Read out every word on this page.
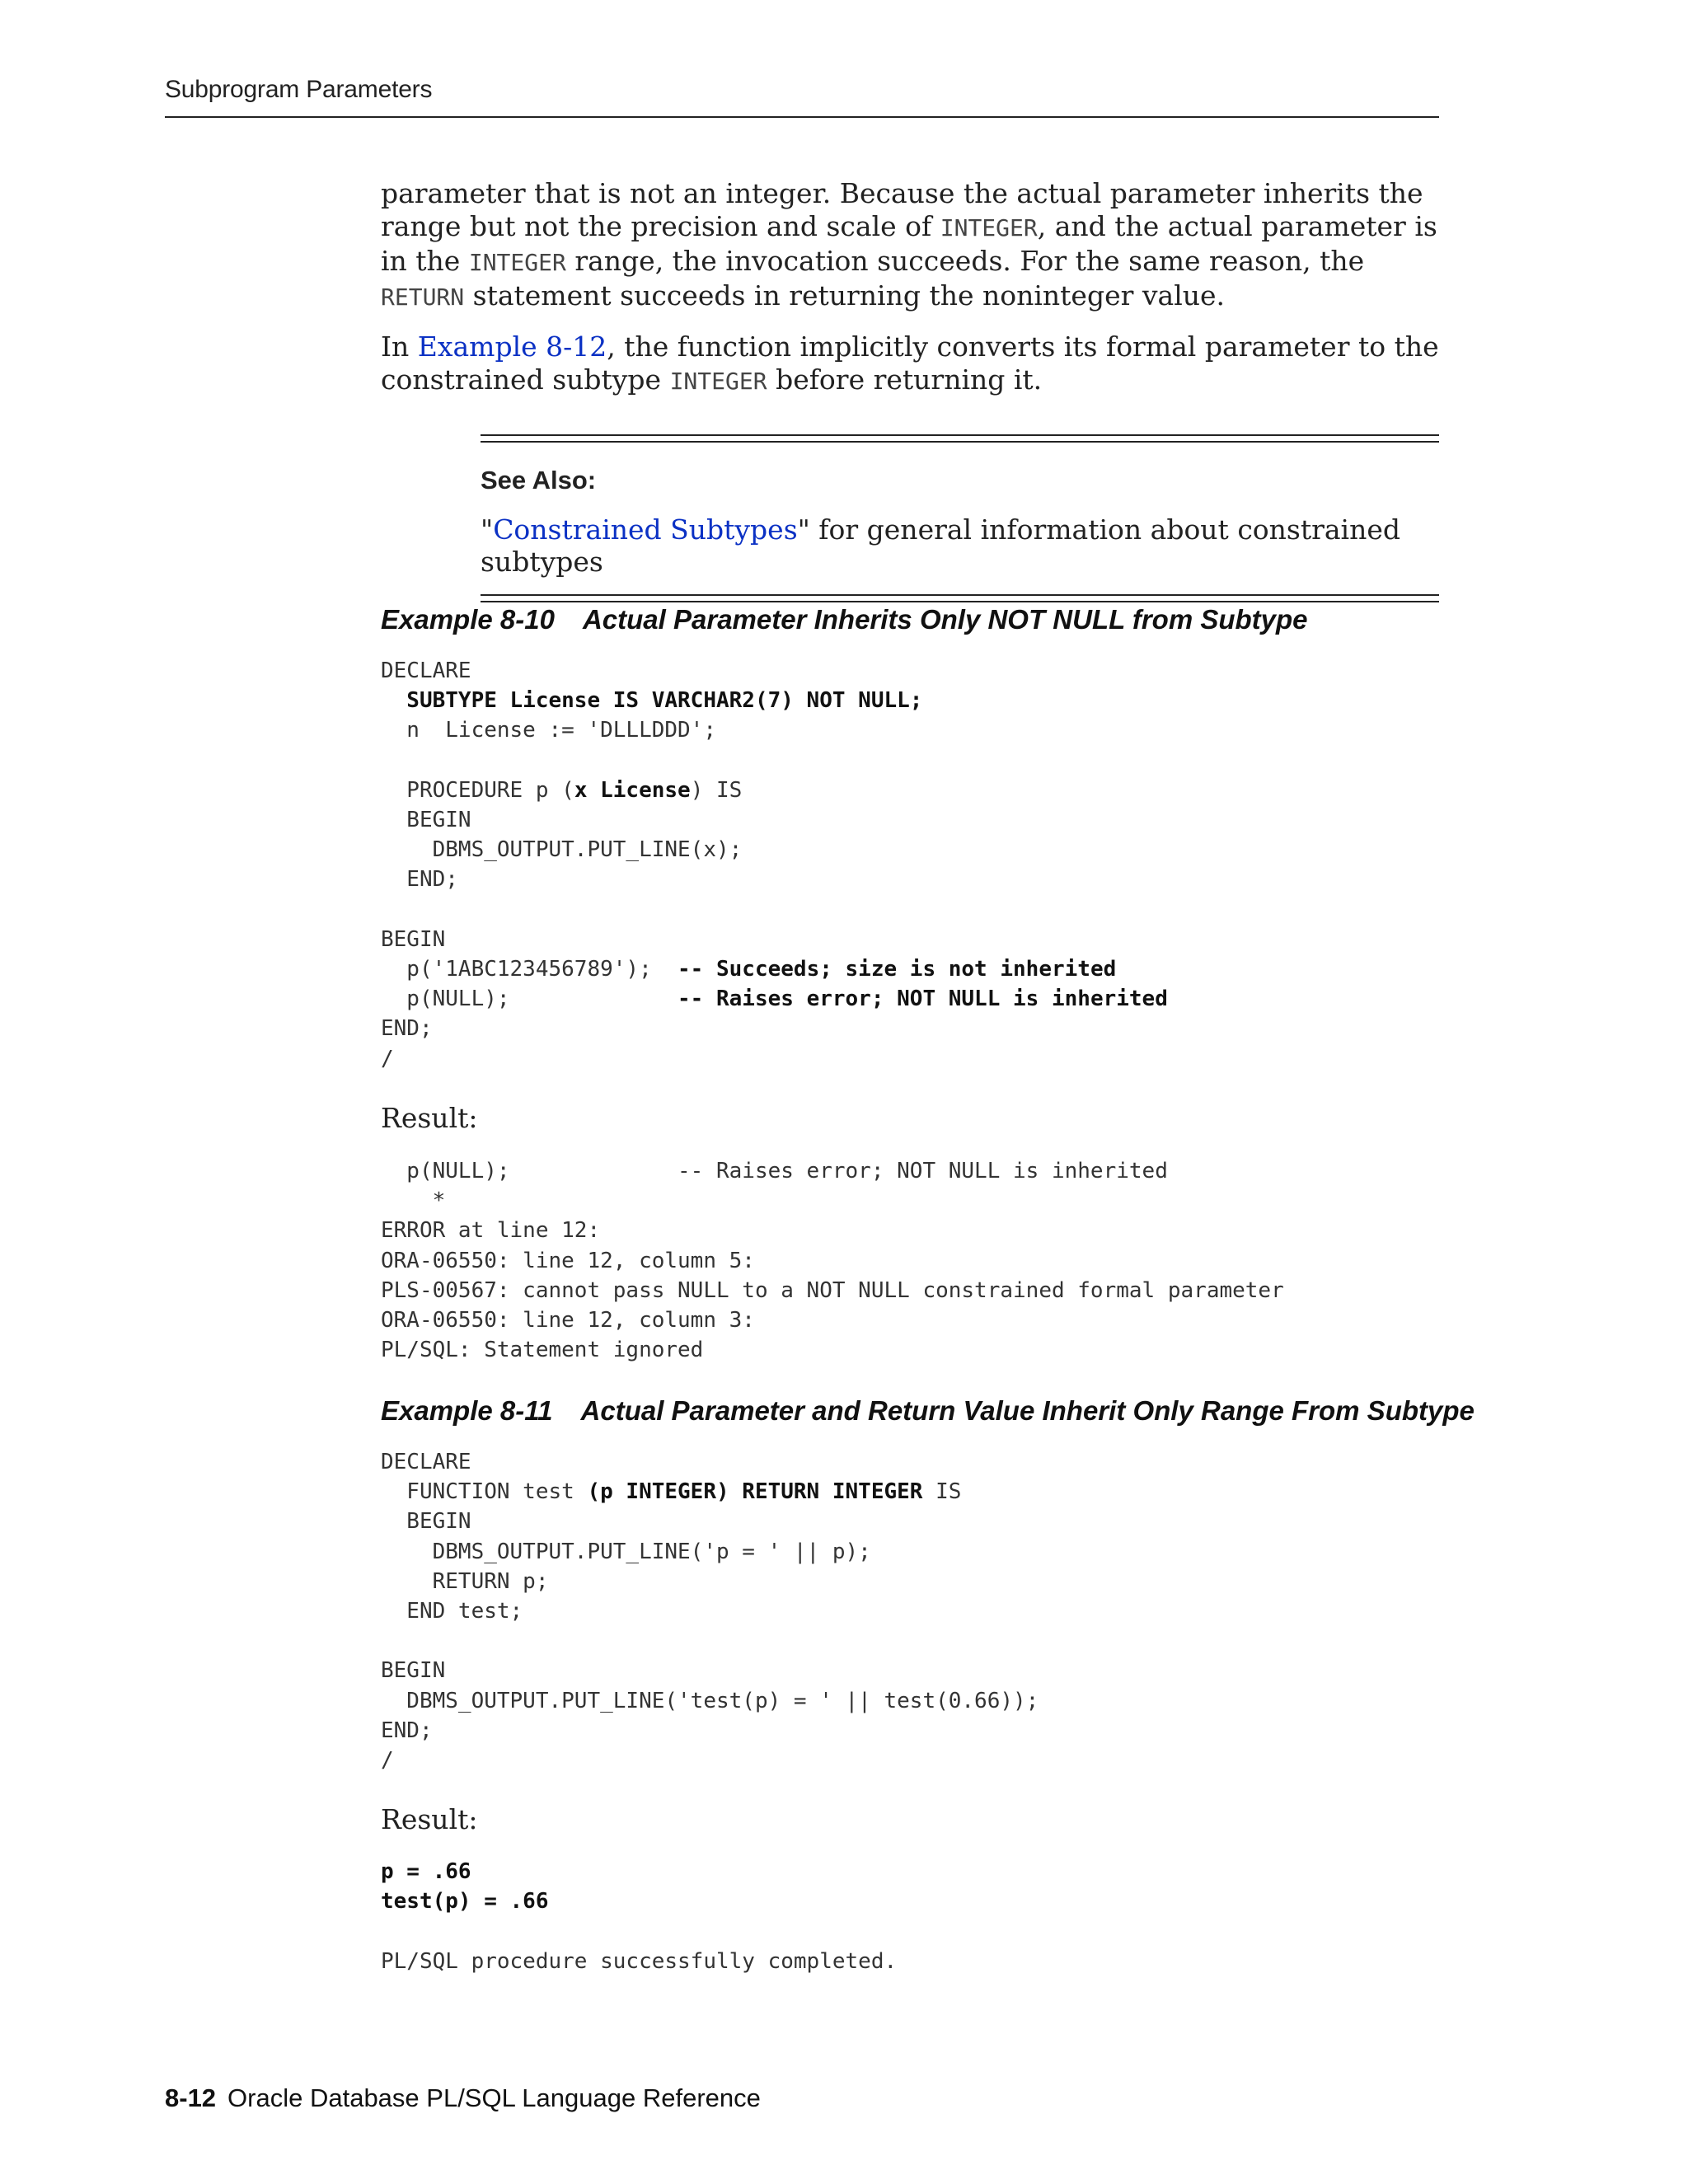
Subprogram Parameters

parameter that is not an integer. Because the actual parameter inherits the range but not the precision and scale of INTEGER, and the actual parameter is in the INTEGER range, the invocation succeeds. For the same reason, the RETURN statement succeeds in returning the noninteger value.

In Example 8-12, the function implicitly converts its formal parameter to the constrained subtype INTEGER before returning it.

See Also:
"Constrained Subtypes" for general information about constrained subtypes
Example 8-10 Actual Parameter Inherits Only NOT NULL from Subtype
DECLARE
SUBTYPE License IS VARCHAR2(7) NOT NULL;
n  License := 'DLLLDDD';

PROCEDURE p (x License) IS
BEGIN
DBMS_OUTPUT.PUT_LINE(x);
END;

BEGIN
p('1ABC123456789');  -- Succeeds; size is not inherited
p(NULL);             -- Raises error; NOT NULL is inherited
END;
/
Result:
p(NULL);             -- Raises error; NOT NULL is inherited
*
ERROR at line 12:
ORA-06550: line 12, column 5:
PLS-00567: cannot pass NULL to a NOT NULL constrained formal parameter
ORA-06550: line 12, column 3:
PL/SQL: Statement ignored
Example 8-11 Actual Parameter and Return Value Inherit Only Range From Subtype
DECLARE
FUNCTION test (p INTEGER) RETURN INTEGER IS
BEGIN
DBMS_OUTPUT.PUT_LINE('p = ' || p);
RETURN p;
END test;

BEGIN
DBMS_OUTPUT.PUT_LINE('test(p) = ' || test(0.66));
END;
/
Result:
p = .66
test(p) = .66
PL/SQL procedure successfully completed.
8-12 Oracle Database PL/SQL Language Reference
